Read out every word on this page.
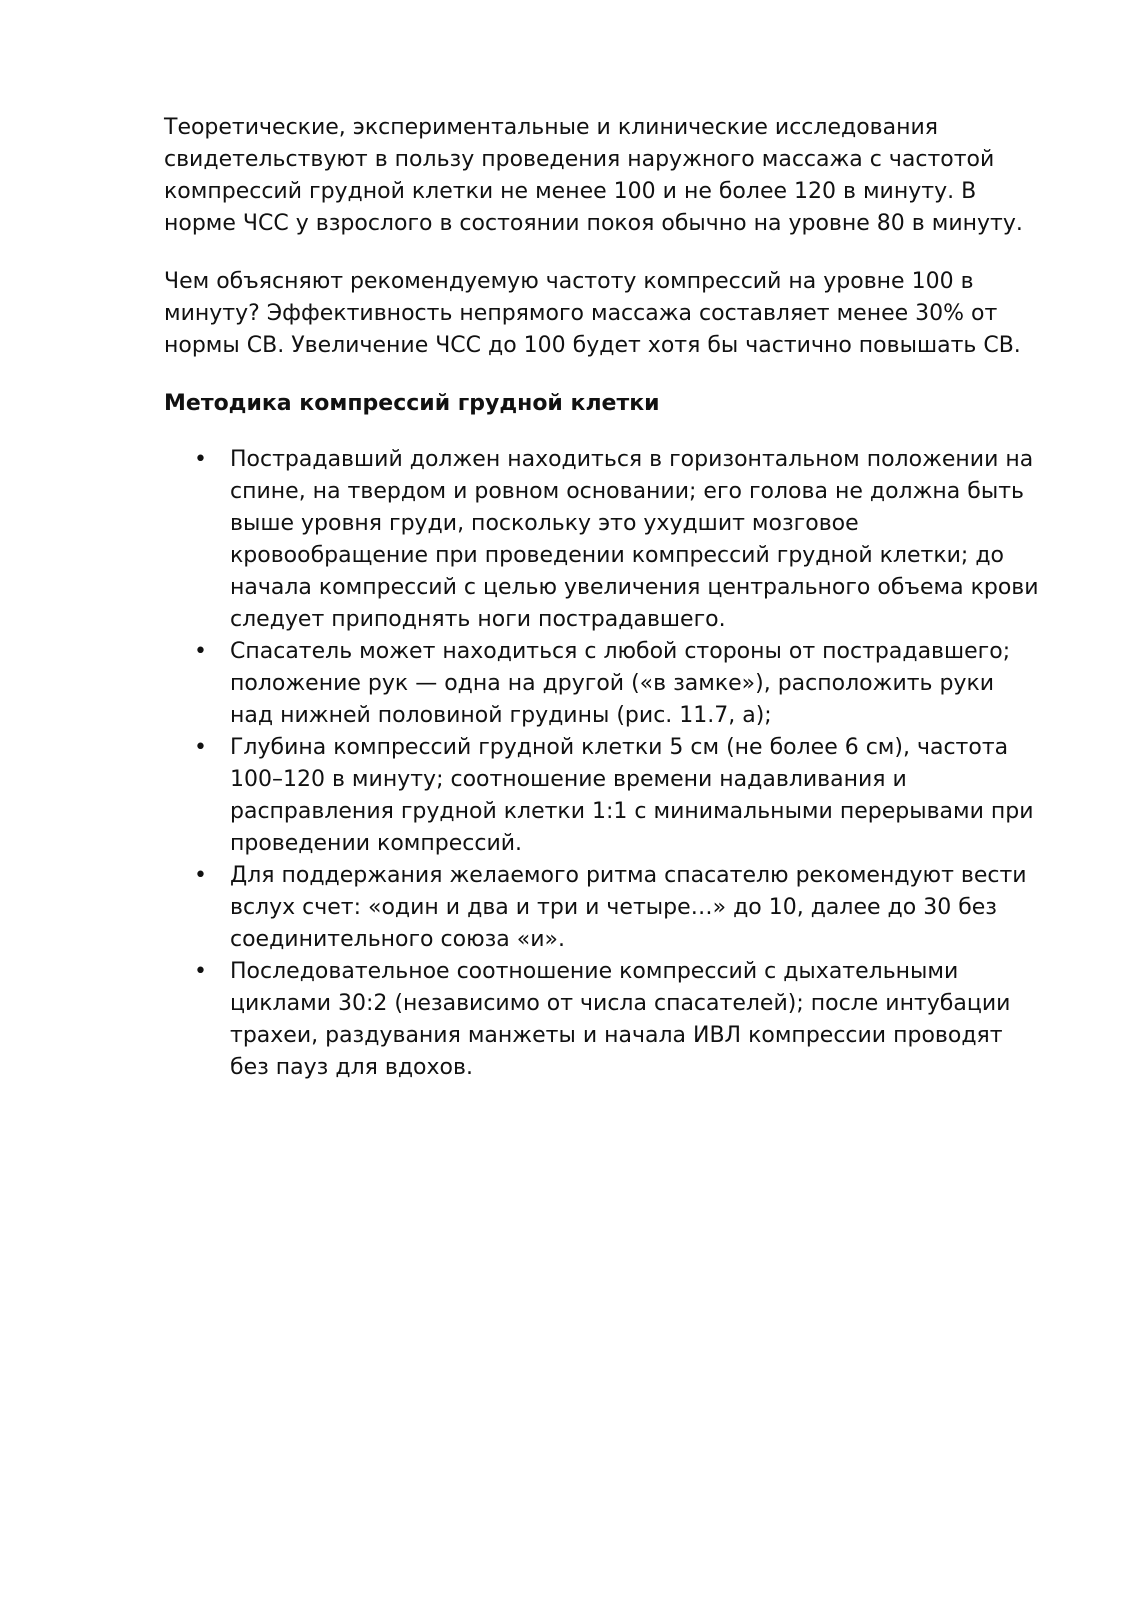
Теоретические, экспериментальные и клинические исследования свидетельствуют в пользу проведения наружного массажа с частотой компрессий грудной клетки не менее 100 и не более 120 в минуту. В норме ЧСС у взрослого в состоянии покоя обычно на уровне 80 в минуту.

Чем объясняют рекомендуемую частоту компрессий на уровне 100 в минуту? Эффективность непрямого массажа составляет менее 30% от нормы СВ. Увеличение ЧСС до 100 будет хотя бы частично повышать СВ.

Методика компрессий грудной клетки

• Пострадавший должен находиться в горизонтальном положении на спине, на твердом и ровном основании; его голова не должна быть выше уровня груди, поскольку это ухудшит мозговое кровообращение при проведении компрессий грудной клетки; до начала компрессий с целью увеличения центрального объема крови следует приподнять ноги пострадавшего.
• Спасатель может находиться с любой стороны от пострадавшего; положение рук — одна на другой («в замке»), расположить руки над нижней половиной грудины (рис. 11.7, а);
• Глубина компрессий грудной клетки 5 см (не более 6 см), частота 100–120 в минуту; соотношение времени надавливания и расправления грудной клетки 1:1 с минимальными перерывами при проведении компрессий.
• Для поддержания желаемого ритма спасателю рекомендуют вести вслух счет: «один и два и три и четыре…» до 10, далее до 30 без соединительного союза «и».
• Последовательное соотношение компрессий с дыхательными циклами 30:2 (независимо от числа спасателей); после интубации трахеи, раздувания манжеты и начала ИВЛ компрессии проводят без пауз для вдохов.
